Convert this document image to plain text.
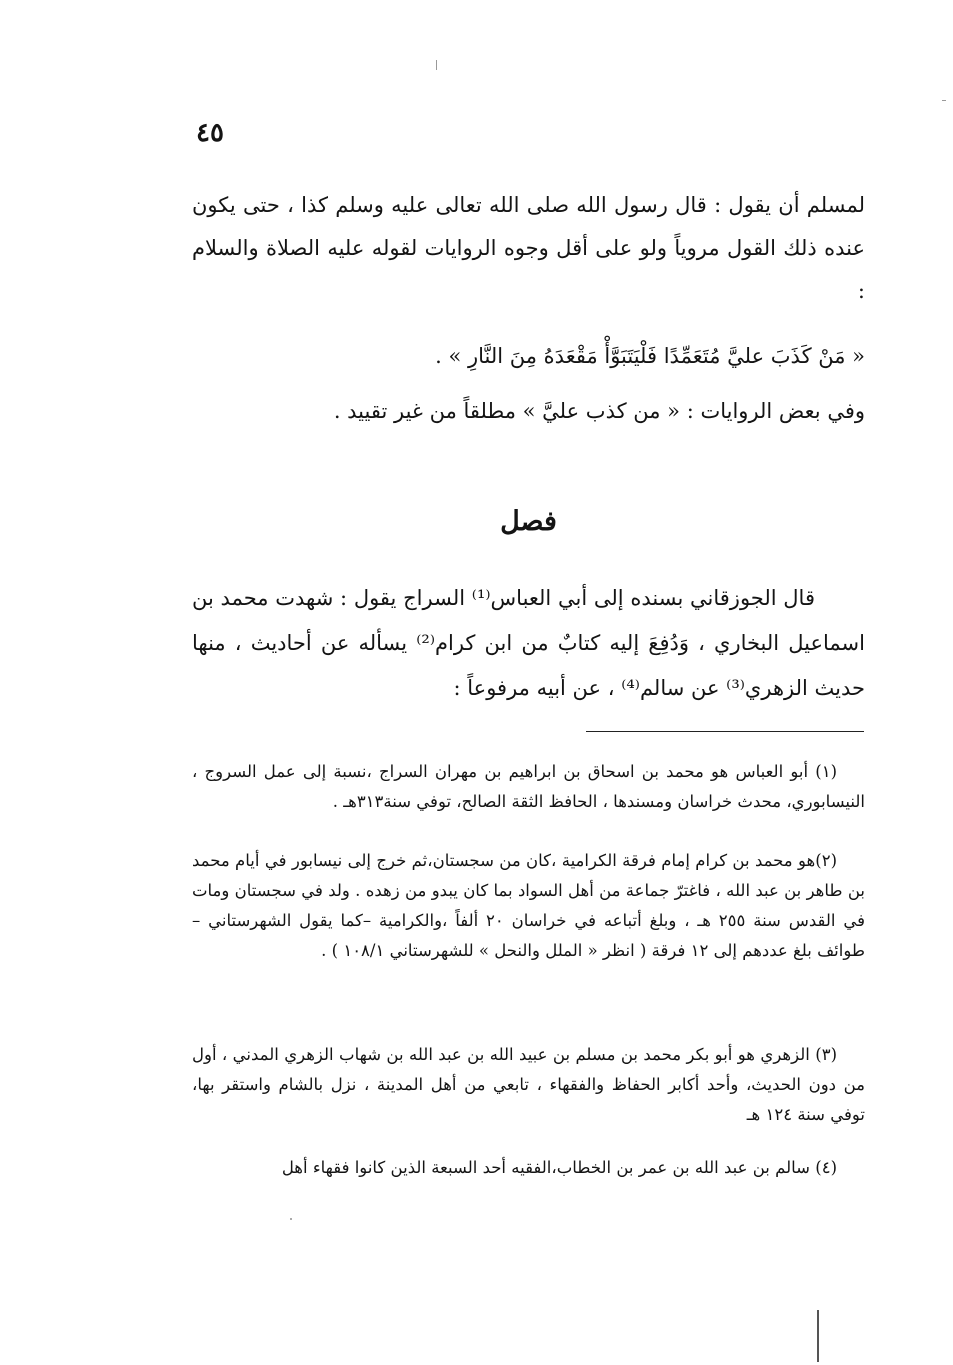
٤٥

لمسلم أن يقول : قال رسول الله صلى الله تعالى عليه وسلم كذا ، حتى يكون عنده ذلك القول مروياً ولو على أقل وجوه الروايات لقوله عليه الصلاة والسلام :

« مَنْ كَذَبَ عليَّ مُتَعَمِّدًا فَلْيَتَبَوَّأْ مَقْعَدَهُ مِنَ النَّارِ » .

وفي بعض الروايات : « من كذب عليَّ » مطلقاً من غير تقييد .

فصل

قال الجوزقاني بسنده إلى أبي العباس⁽¹⁾ السراج يقول : شهدت محمد بن اسماعيل البخاري ، وَدُفِعَ إليه كتابٌ من ابن كرام⁽²⁾ يسأله عن أحاديث ، منها حديث الزهري⁽³⁾ عن سالم⁽⁴⁾ ، عن أبيه مرفوعاً :

(١) أبو العباس هو محمد بن اسحاق بن ابراهيم بن مهران السراج ،نسبة إلى عمل السروج ، النيسابوري، محدث خراسان ومسندها ، الحافظ الثقة الصالح، توفي سنة٣١٣هـ .

(٢)هو محمد بن كرام إمام فرقة الكرامية ،كان من سجستان،ثم خرج إلى نيسابور في أيام محمد بن طاهر بن عبد الله ، فاغترّ جماعة من أهل السواد بما كان يبدو من زهده . ولد في سجستان ومات في القدس سنة ٢٥٥ هـ ، وبلغ أتباعه في خراسان ٢٠ ألفاً ،والكرامية –كما يقول الشهرستاني – طوائف بلغ عددهم إلى ١٢ فرقة ( انظر « الملل والنحل » للشهرستاني ١٠٨/١ ) .

(٣) الزهري هو أبو بكر محمد بن مسلم بن عبيد الله بن عبد الله بن شهاب الزهري المدني ، أول من دون الحديث، وأحد أكابر الحفاظ والفقهاء ، تابعي من أهل المدينة ، نزل بالشام واستقر بها، توفي سنة ١٢٤ هـ

(٤) سالم بن عبد الله بن عمر بن الخطاب،الفقيه أحد السبعة الذين كانوا فقهاء أهل
